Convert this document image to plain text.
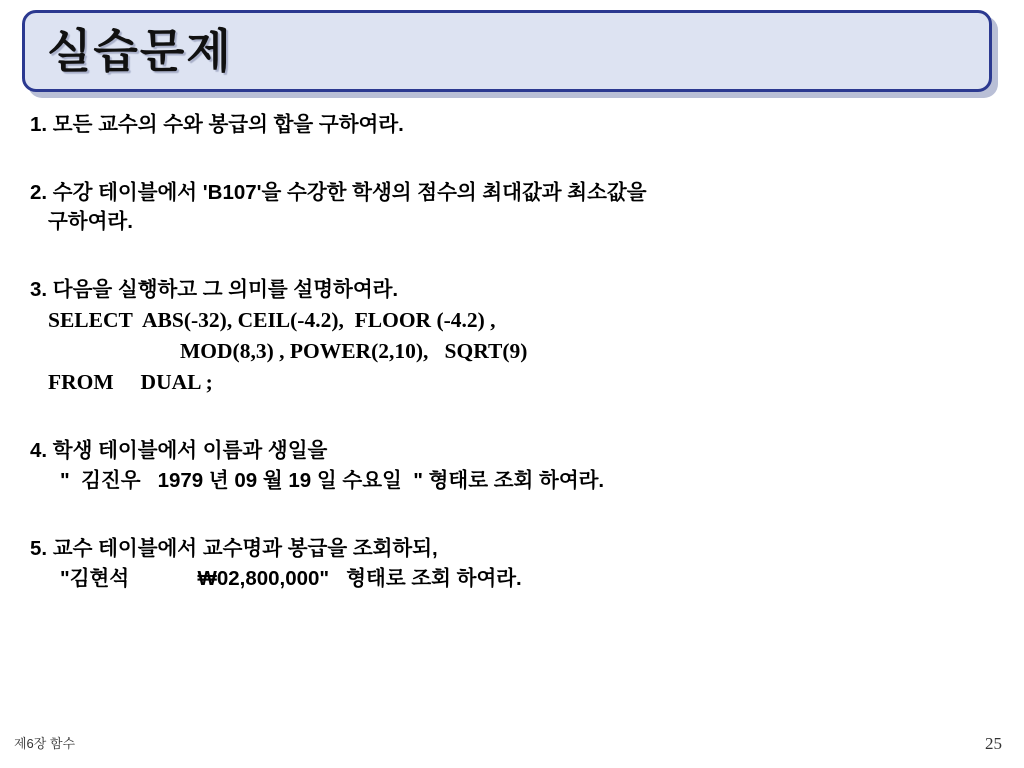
실습문제
1. 모든 교수의 수와 봉급의 합을 구하여라.
2. 수강 테이블에서 'B107'을 수강한 학생의 점수의 최대값과 최소값을
구하여라.
3. 다음을 실행하고 그 의미를 설명하여라.
SELECT  ABS(-32), CEIL(-4.2),  FLOOR (-4.2) ,
MOD(8,3) , POWER(2,10),   SQRT(9)
FROM     DUAL ;
4. 학생 테이블에서 이름과 생일을
"  김진우   1979 년 09 월 19 일 수요일  " 형태로 조회 하여라.
5. 교수 테이블에서 교수명과 봉급을 조회하되,
"김현석            ₩02,800,000"   형태로 조회 하여라.
제6장 함수	25
